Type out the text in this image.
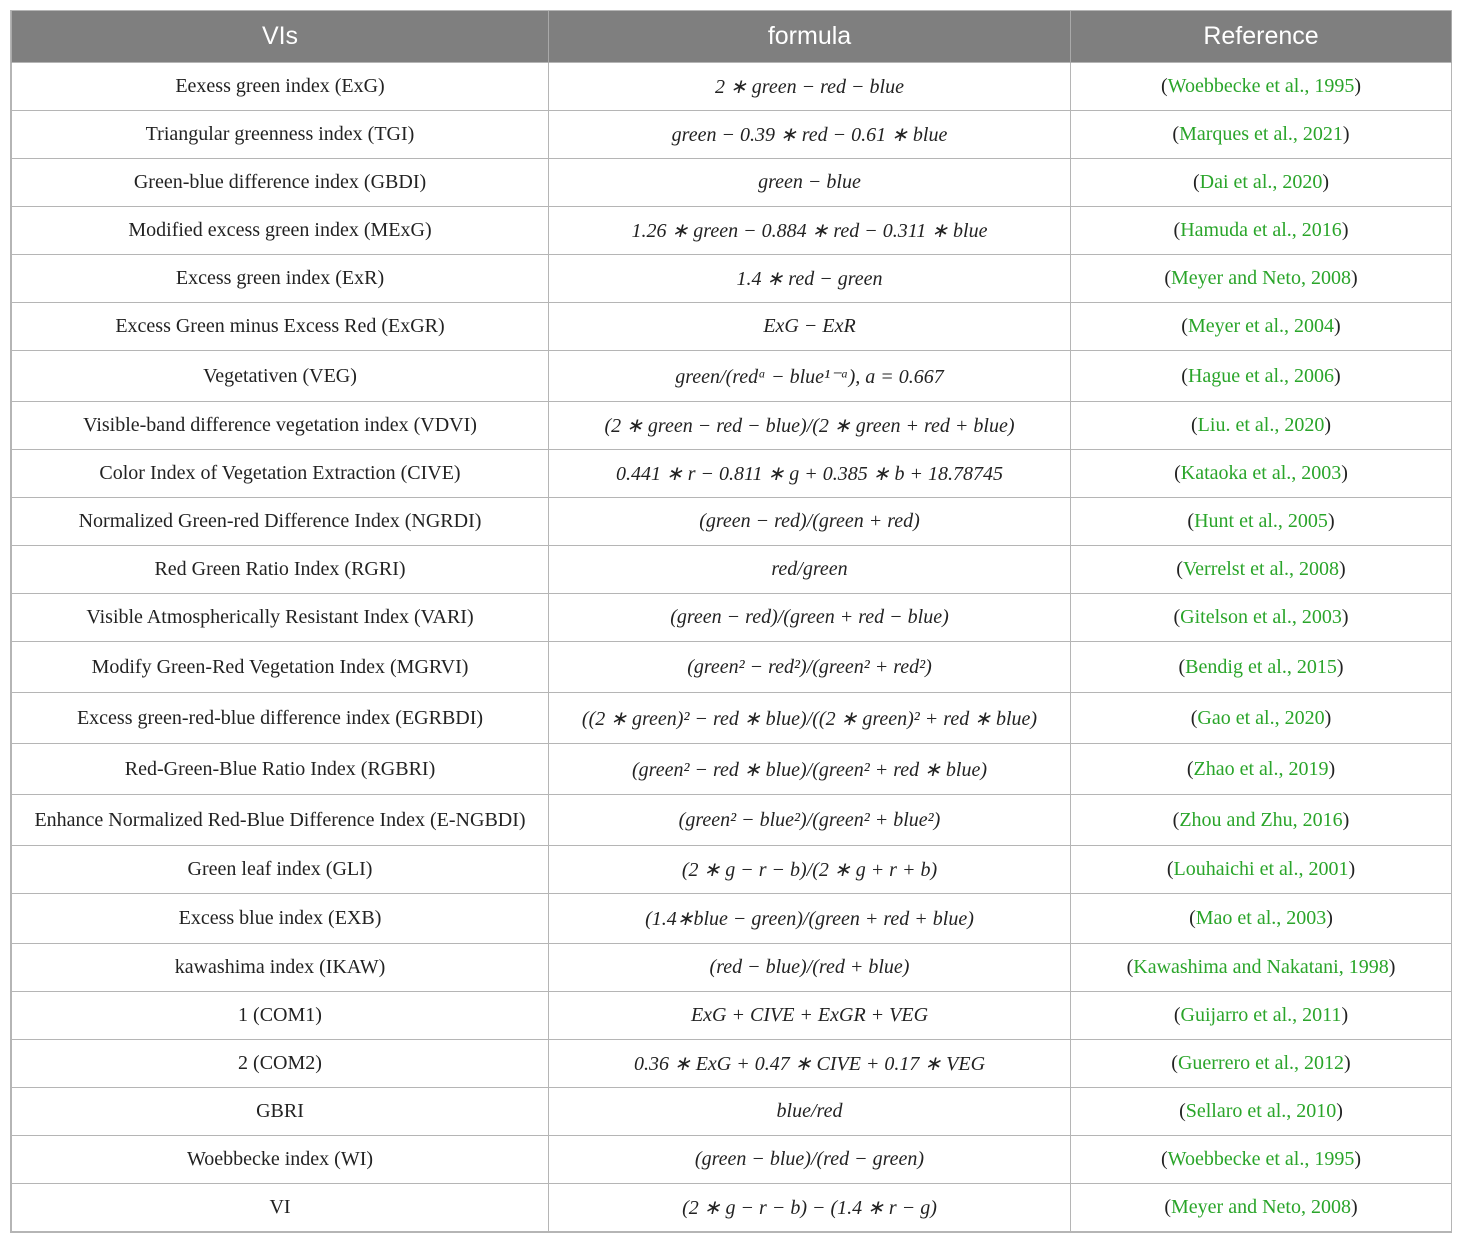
VIs	formula	Reference
Eexess green index (ExG)	2 ∗ green − red − blue	(Woebbecke et al., 1995)
Triangular greenness index (TGI)	green − 0.39 ∗ red − 0.61 ∗ blue	(Marques et al., 2021)
Green-blue difference index (GBDI)	green − blue	(Dai et al., 2020)
Modified excess green index (MExG)	1.26 ∗ green − 0.884 ∗ red − 0.311 ∗ blue	(Hamuda et al., 2016)
Excess green index (ExR)	1.4 ∗ red − green	(Meyer and Neto, 2008)
Excess Green minus Excess Red (ExGR)	ExG − ExR	(Meyer et al., 2004)
Vegetativen (VEG)	green/(redᵃ − blue¹⁻ᵃ), a = 0.667	(Hague et al., 2006)
Visible-band difference vegetation index (VDVI)	(2 ∗ green − red − blue)/(2 ∗ green + red + blue)	(Liu. et al., 2020)
Color Index of Vegetation Extraction (CIVE)	0.441 ∗ r − 0.811 ∗ g + 0.385 ∗ b + 18.78745	(Kataoka et al., 2003)
Normalized Green-red Difference Index (NGRDI)	(green − red)/(green + red)	(Hunt et al., 2005)
Red Green Ratio Index (RGRI)	red/green	(Verrelst et al., 2008)
Visible Atmospherically Resistant Index (VARI)	(green − red)/(green + red − blue)	(Gitelson et al., 2003)
Modify Green-Red Vegetation Index (MGRVI)	(green² − red²)/(green² + red²)	(Bendig et al., 2015)
Excess green-red-blue difference index (EGRBDI)	((2 ∗ green)² − red ∗ blue)/((2 ∗ green)² + red ∗ blue)	(Gao et al., 2020)
Red-Green-Blue Ratio Index (RGBRI)	(green² − red ∗ blue)/(green² + red ∗ blue)	(Zhao et al., 2019)
Enhance Normalized Red-Blue Difference Index (E-NGBDI)	(green² − blue²)/(green² + blue²)	(Zhou and Zhu, 2016)
Green leaf index (GLI)	(2 ∗ g − r − b)/(2 ∗ g + r + b)	(Louhaichi et al., 2001)
Excess blue index (EXB)	(1.4∗blue − green)/(green + red + blue)	(Mao et al., 2003)
kawashima index (IKAW)	(red − blue)/(red + blue)	(Kawashima and Nakatani, 1998)
1 (COM1)	ExG + CIVE + ExGR + VEG	(Guijarro et al., 2011)
2 (COM2)	0.36 ∗ ExG + 0.47 ∗ CIVE + 0.17 ∗ VEG	(Guerrero et al., 2012)
GBRI	blue/red	(Sellaro et al., 2010)
Woebbecke index (WI)	(green − blue)/(red − green)	(Woebbecke et al., 1995)
VI	(2 ∗ g − r − b) − (1.4 ∗ r − g)	(Meyer and Neto, 2008)
